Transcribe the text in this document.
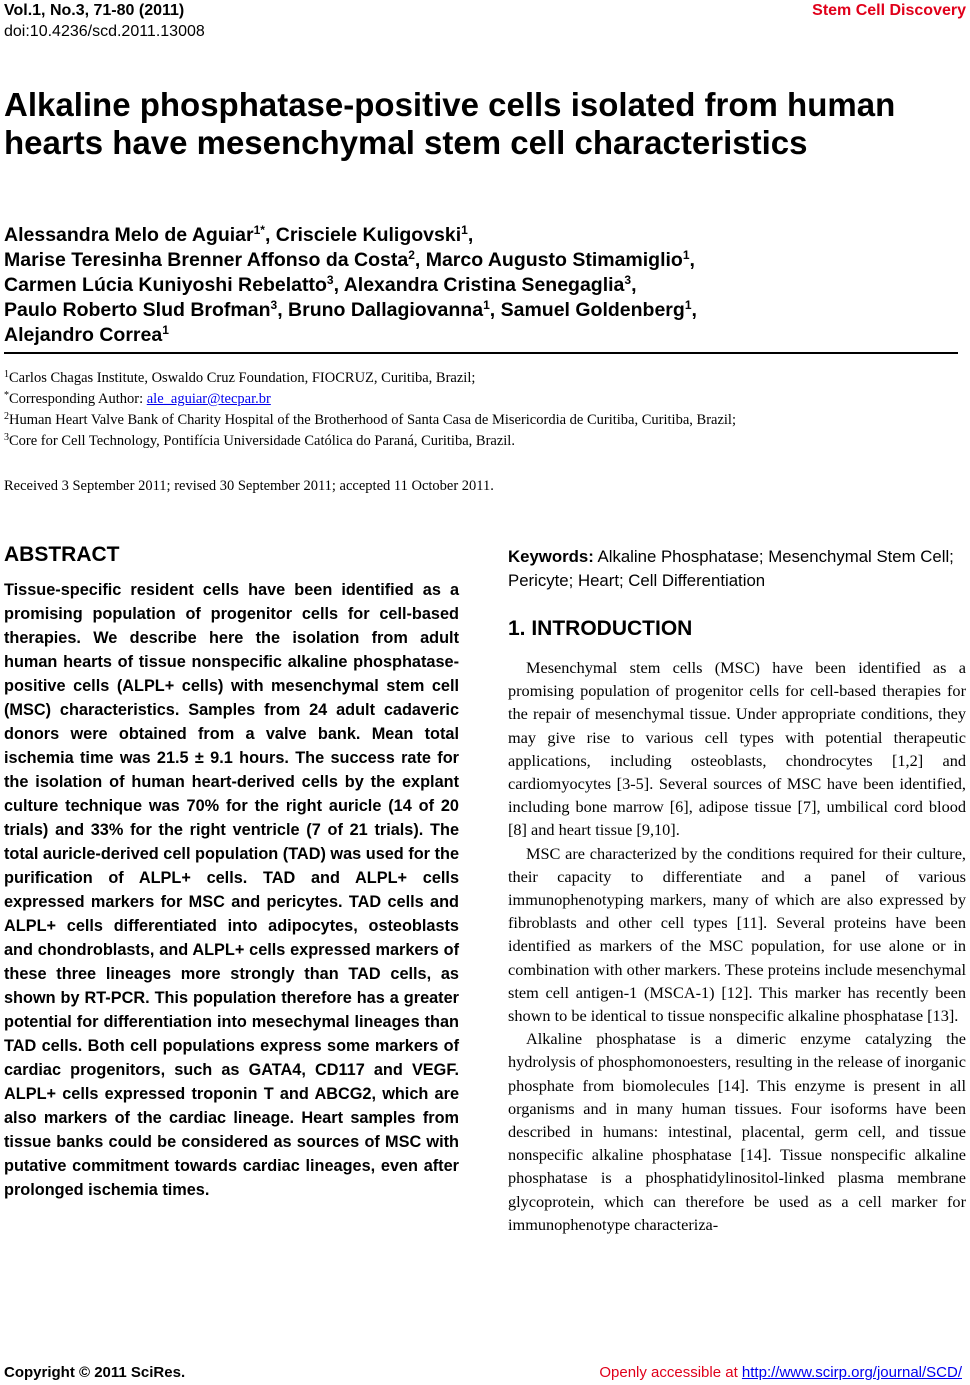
Vol.1, No.3, 71-80 (2011)
doi:10.4236/scd.2011.13008
Stem Cell Discovery
Alkaline phosphatase-positive cells isolated from human hearts have mesenchymal stem cell characteristics
Alessandra Melo de Aguiar$^{1*}$, Crisciele Kuligovski$^1$,
Marise Teresinha Brenner Affonso da Costa$^2$, Marco Augusto Stimamiglio$^1$,
Carmen Lúcia Kuniyoshi Rebelatto$^3$, Alexandra Cristina Senegaglia$^3$,
Paulo Roberto Slud Brofman$^3$, Bruno Dallagiovanna$^1$, Samuel Goldenberg$^1$,
Alejandro Correa$^1$
$^1$Carlos Chagas Institute, Oswaldo Cruz Foundation, FIOCRUZ, Curitiba, Brazil;
*Corresponding Author: ale_aguiar@tecpar.br
$^2$Human Heart Valve Bank of Charity Hospital of the Brotherhood of Santa Casa de Misericordia de Curitiba, Curitiba, Brazil;
$^3$Core for Cell Technology, Pontifícia Universidade Católica do Paraná, Curitiba, Brazil.
Received 3 September 2011; revised 30 September 2011; accepted 11 October 2011.
ABSTRACT

Tissue-specific resident cells have been identified as a promising population of progenitor cells for cell-based therapies. We describe here the isolation from adult human hearts of tissue nonspecific alkaline phosphatase-positive cells (ALPL+ cells) with mesenchymal stem cell (MSC) characteristics. Samples from 24 adult cadaveric donors were obtained from a valve bank. Mean total ischemia time was 21.5 ± 9.1 hours. The success rate for the isolation of human heart-derived cells by the explant culture technique was 70% for the right auricle (14 of 20 trials) and 33% for the right ventricle (7 of 21 trials). The total auricle-derived cell population (TAD) was used for the purification of ALPL+ cells. TAD and ALPL+ cells expressed markers for MSC and pericytes. TAD cells and ALPL+ cells differentiated into adipocytes, osteoblasts and chondroblasts, and ALPL+ cells expressed markers of these three lineages more strongly than TAD cells, as shown by RT-PCR. This population therefore has a greater potential for differentiation into mesechymal lineages than TAD cells. Both cell populations express some markers of cardiac progenitors, such as GATA4, CD117 and VEGF. ALPL+ cells expressed troponin T and ABCG2, which are also markers of the cardiac lineage. Heart samples from tissue banks could be considered as sources of MSC with putative commitment towards cardiac lineages, even after prolonged ischemia times.

Keywords: Alkaline Phosphatase; Mesenchymal Stem Cell; Pericyte; Heart; Cell Differentiation

1. INTRODUCTION

Mesenchymal stem cells (MSC) have been identified as a promising population of progenitor cells for cell-based therapies for the repair of mesenchymal tissue. Under appropriate conditions, they may give rise to various cell types with potential therapeutic applications, including osteoblasts, chondrocytes [1,2] and cardiomyocytes [3-5]. Several sources of MSC have been identified, including bone marrow [6], adipose tissue [7], umbilical cord blood [8] and heart tissue [9,10].

MSC are characterized by the conditions required for their culture, their capacity to differentiate and a panel of various immunophenotyping markers, many of which are also expressed by fibroblasts and other cell types [11]. Several proteins have been identified as markers of the MSC population, for use alone or in combination with other markers. These proteins include mesenchymal stem cell antigen-1 (MSCA-1) [12]. This marker has recently been shown to be identical to tissue nonspecific alkaline phosphatase [13].

Alkaline phosphatase is a dimeric enzyme catalyzing the hydrolysis of phosphomonoesters, resulting in the release of inorganic phosphate from biomolecules [14]. This enzyme is present in all organisms and in many human tissues. Four isoforms have been described in humans: intestinal, placental, germ cell, and tissue nonspecific alkaline phosphatase [14]. Tissue nonspecific alkaline phosphatase is a phosphatidylinositol-linked plasma membrane glycoprotein, which can therefore be used as a cell marker for immunophenotype characteriza-

Copyright © 2011 SciRes.	Openly accessible at http://www.scirp.org/journal/SCD/
